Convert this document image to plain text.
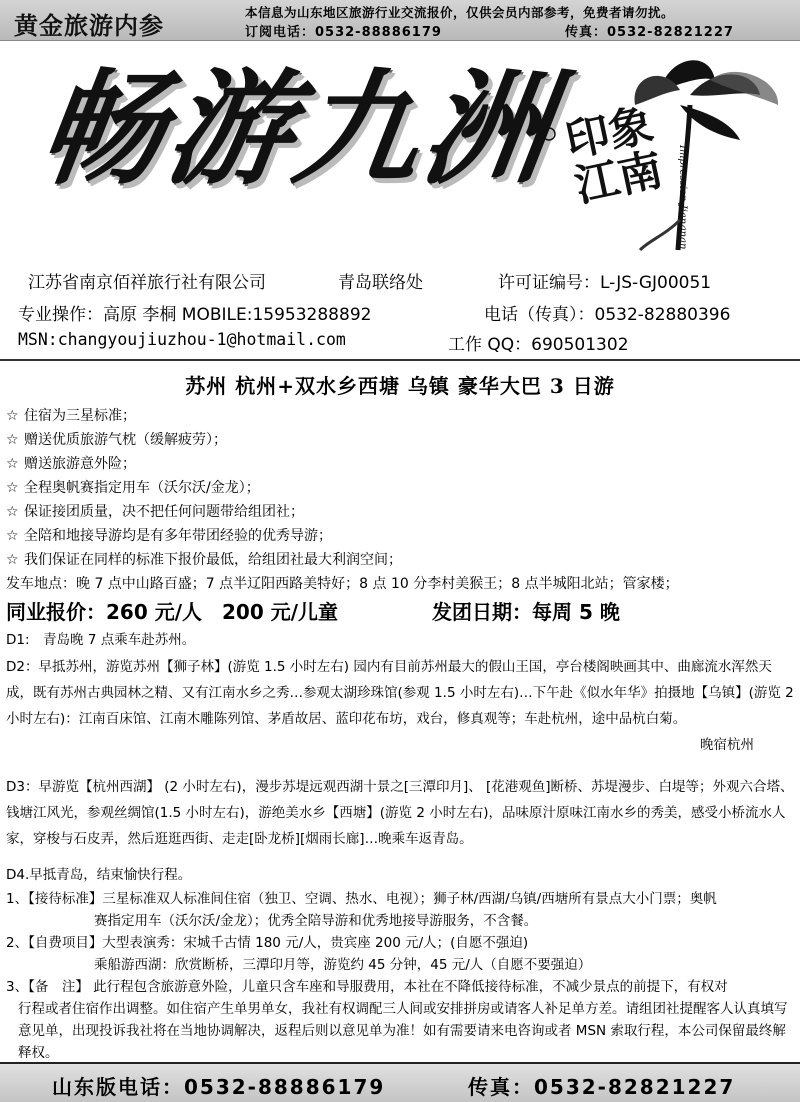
黄金旅游内参	本信息为山东地区旅游行业交流报价，仅供会员内部参考，免费者请勿扰。
订阅电话：0532-88886179	传真：0532-82821227
畅游九洲	Impression Jiangnan
印象江南
江苏省南京佰祥旅行社有限公司	青岛联络处	许可证编号：L-JS-GJ00051
专业操作：高原 李桐 MOBILE:15953288892	电话（传真）：0532-82880396
MSN:changyoujiuzhou-1@hotmail.com	工作 QQ：690501302
苏州 杭州+双水乡西塘 乌镇 豪华大巴 3 日游
☆ 住宿为三星标准；
☆ 赠送优质旅游气枕（缓解疲劳）；
☆ 赠送旅游意外险；
☆ 全程奥帆赛指定用车（沃尔沃/金龙）；
☆ 保证接团质量，决不把任何问题带给组团社；
☆ 全陪和地接导游均是有多年带团经验的优秀导游；
☆ 我们保证在同样的标准下报价最低，给组团社最大利润空间；
发车地点：晚 7 点中山路百盛；7 点半辽阳西路美特好；8 点 10 分李村美猴王；8 点半城阳北站；管家楼；
同业报价：260 元/人　200 元/儿童	发团日期：每周 5 晚
D1:　青岛晚 7 点乘车赴苏州。
D2：早抵苏州，游览苏州【狮子林】(游览 1.5 小时左右) 园内有目前苏州最大的假山王国，亭台楼阁映画其中、曲廊流水浑然天成，既有苏州古典园林之精、又有江南水乡之秀…参观太湖珍珠馆(参观 1.5 小时左右)…下午赴《似水年华》拍摄地【乌镇】(游览 2 小时左右)：江南百床馆、江南木雕陈列馆、茅盾故居、蓝印花布坊，戏台，修真观等；车赴杭州，途中品杭白菊。
晚宿杭州
D3：早游览【杭州西湖】 (2 小时左右)，漫步苏堤远观西湖十景之[三潭印月]、 [花港观鱼]断桥、苏堤漫步、白堤等；外观六合塔、钱塘江风光，参观丝绸馆(1.5 小时左右)，游绝美水乡【西塘】(游览 2 小时左右)，品味原汁原味江南水乡的秀美，感受小桥流水人家，穿梭与石皮弄，然后逛逛西街、走走[卧龙桥][烟雨长廊]…晚乘车返青岛。
D4.早抵青岛，结束愉快行程。
1、【接待标准】三星标准双人标准间住宿（独卫、空调、热水、电视）；狮子林/西湖/乌镇/西塘所有景点大小门票；奥帆
赛指定用车（沃尔沃/金龙）；优秀全陪导游和优秀地接导游服务，不含餐。
2、【自费项目】大型表演秀：宋城千古情 180 元/人，贵宾座 200 元/人；(自愿不强迫)
乘船游西湖：欣赏断桥，三潭印月等，游览约 45 分钟，45 元/人（自愿不要强迫）
3、【备　注】 此行程包含旅游意外险，儿童只含车座和导服费用，本社在不降低接待标准，不减少景点的前提下，有权对
行程或者住宿作出调整。如住宿产生单男单女，我社有权调配三人间或安排拼房或请客人补足单方差。请组团社提醒客人认真填写意见单，出现投诉我社将在当地协调解决，返程后则以意见单为准！如有需要请来电咨询或者 MSN 索取行程，本公司保留最终解释权。
山东版电话：0532-88886179	传真：0532-82821227
